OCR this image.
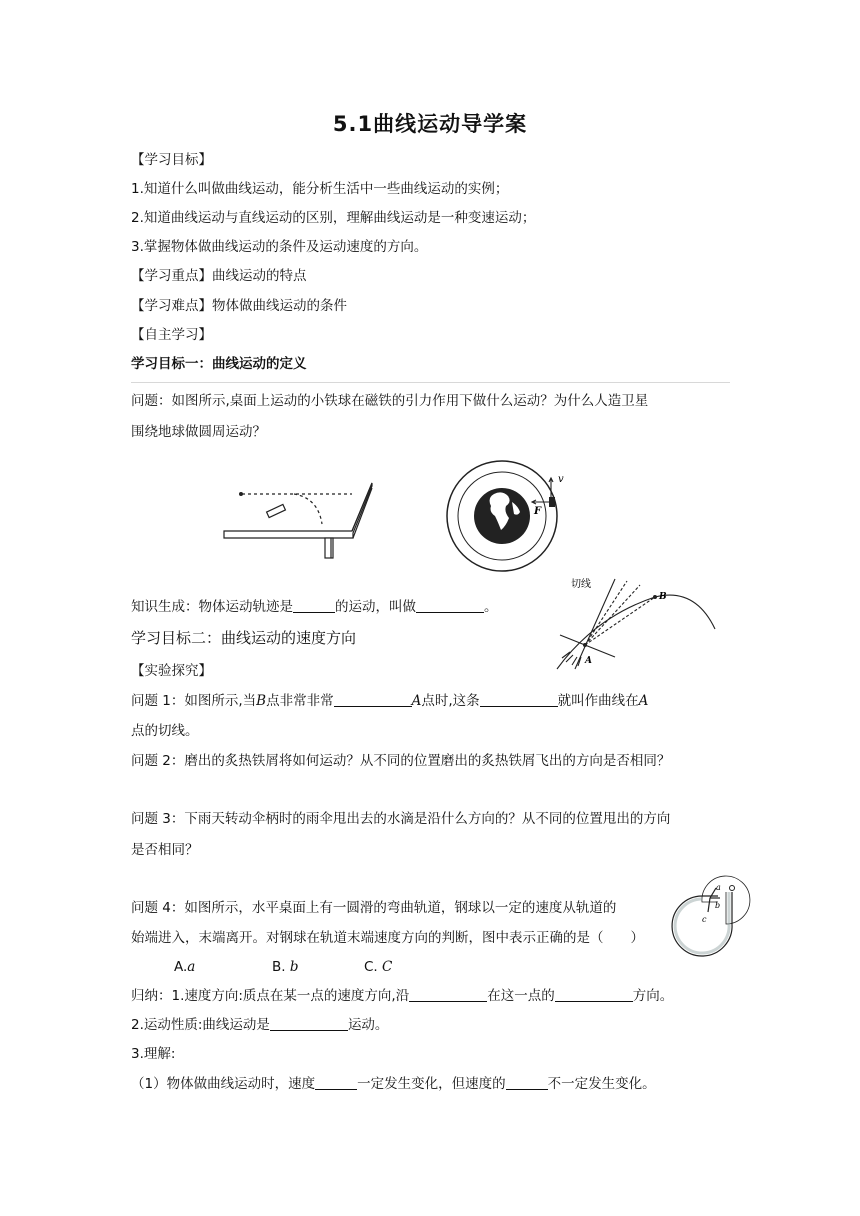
5.1曲线运动导学案
【学习目标】
1.知道什么叫做曲线运动，能分析生活中一些曲线运动的实例；
2.知道曲线运动与直线运动的区别，理解曲线运动是一种变速运动；
3.掌握物体做曲线运动的条件及运动速度的方向。
【学习重点】曲线运动的特点
【学习难点】物体做曲线运动的条件
【自主学习】
学习目标一：曲线运动的定义
问题：如图所示,桌面上运动的小铁球在磁铁的引力作用下做什么运动？为什么人造卫星
围绕地球做圆周运动？
v
F
切线
A
B
知识生成：物体运动轨迹是	的运动，叫做	。
学习目标二：曲线运动的速度方向
【实验探究】
问题 1：如图所示,当B点非常非常	A点时,这条	就叫作曲线在A
点的切线。
问题 2：磨出的炙热铁屑将如何运动？从不同的位置磨出的炙热铁屑飞出的方向是否相同？
问题 3：下雨天转动伞柄时的雨伞甩出去的水滴是沿什么方向的？从不同的位置甩出的方向
是否相同？
问题 4：如图所示，水平桌面上有一圆滑的弯曲轨道，钢球以一定的速度从轨道的
始端进入，末端离开。对钢球在轨道末端速度方向的判断，图中表示正确的是（　　）
A.a	B. b	C. C
a
b
c
归纳：1.速度方向:质点在某一点的速度方向,沿	在这一点的	方向。
2.运动性质:曲线运动是	运动。
3.理解:
（1）物体做曲线运动时，速度	一定发生变化，但速度的	不一定发生变化。
